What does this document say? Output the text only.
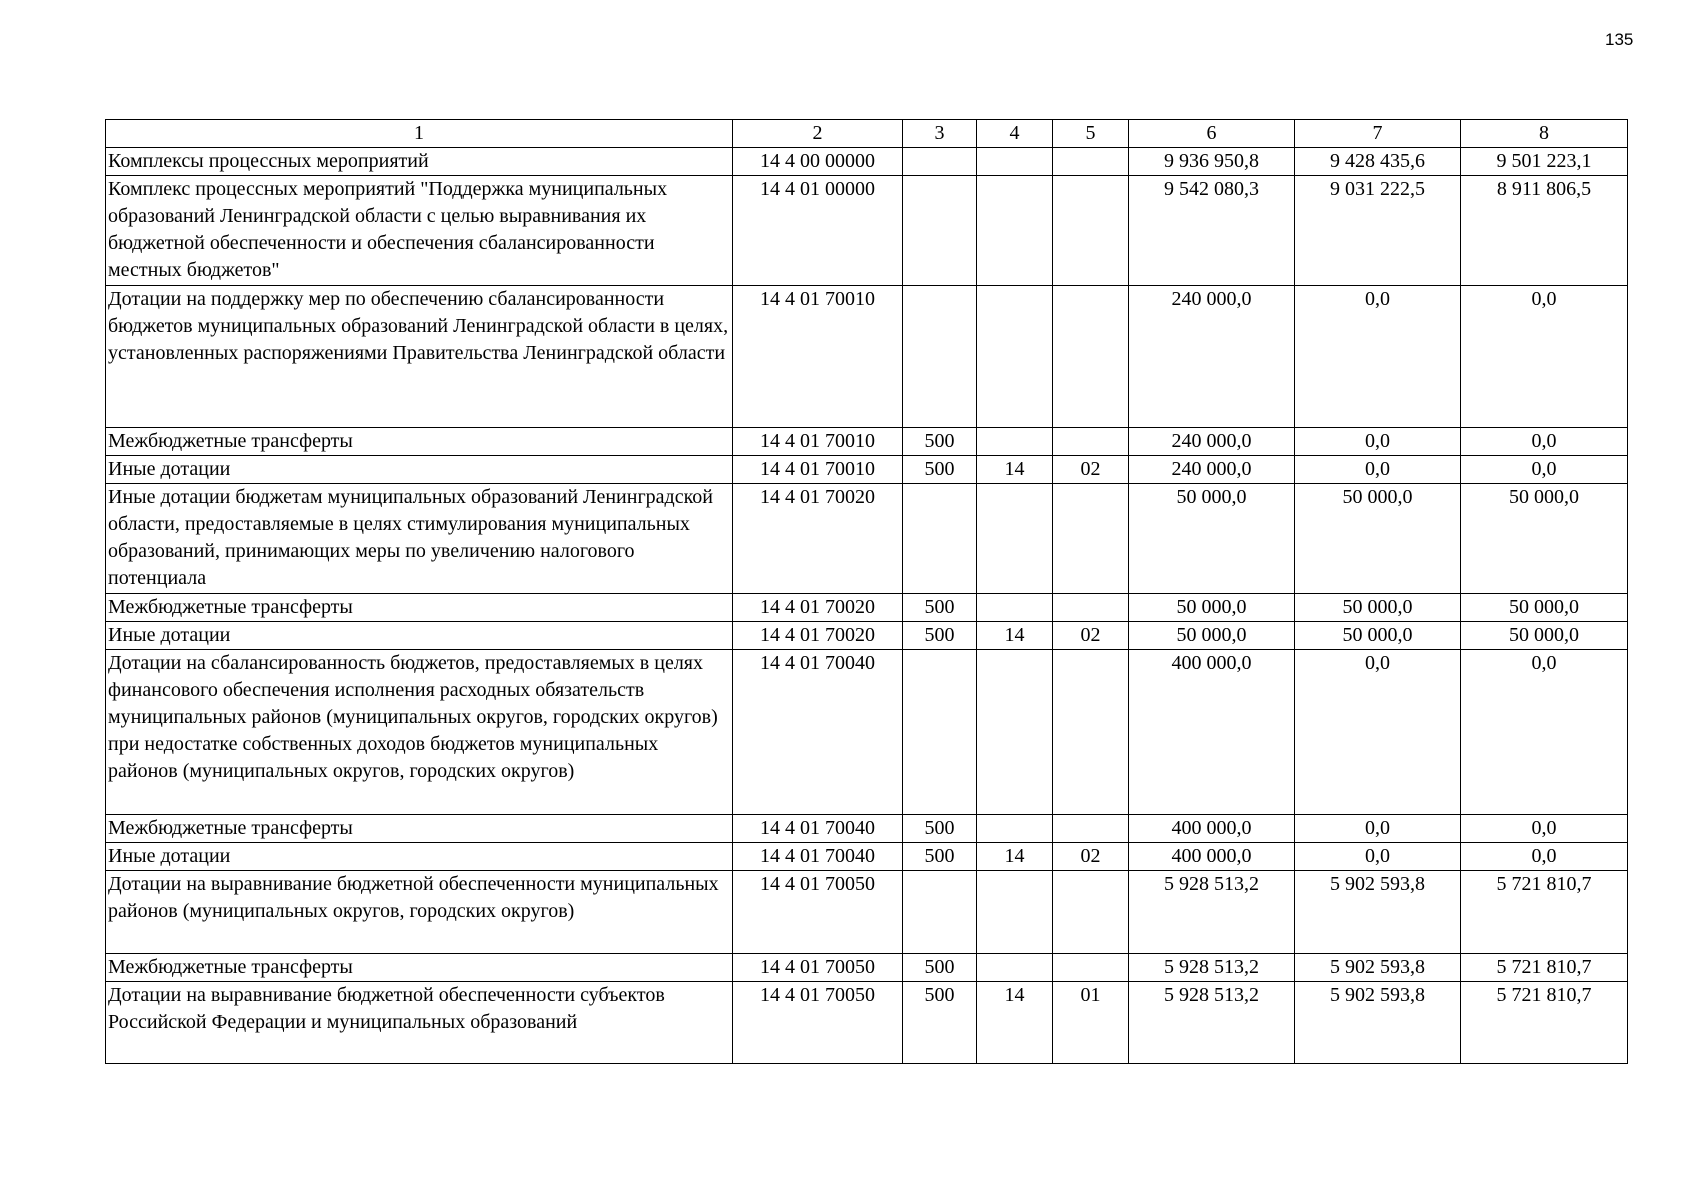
135
1	2	3	4	5	6	7	8
Комплексы процессных мероприятий	14 4 00 00000				9 936 950,8	9 428 435,6	9 501 223,1
Комплекс процессных мероприятий "Поддержка муниципальных образований Ленинградской области с целью выравнивания их бюджетной обеспеченности и обеспечения сбалансированности местных бюджетов"	14 4 01 00000				9 542 080,3	9 031 222,5	8 911 806,5
Дотации на поддержку мер по обеспечению сбалансированности бюджетов муниципальных образований Ленинградской области в целях, установленных распоряжениями Правительства Ленинградской области	14 4 01 70010				240 000,0	0,0	0,0
Межбюджетные трансферты	14 4 01 70010	500			240 000,0	0,0	0,0
Иные дотации	14 4 01 70010	500	14	02	240 000,0	0,0	0,0
Иные дотации бюджетам муниципальных образований Ленинградской области, предоставляемые в целях стимулирования муниципальных образований, принимающих меры по увеличению налогового потенциала	14 4 01 70020				50 000,0	50 000,0	50 000,0
Межбюджетные трансферты	14 4 01 70020	500			50 000,0	50 000,0	50 000,0
Иные дотации	14 4 01 70020	500	14	02	50 000,0	50 000,0	50 000,0
Дотации на сбалансированность бюджетов, предоставляемых в целях финансового обеспечения исполнения расходных обязательств муниципальных районов (муниципальных округов, городских округов) при недостатке собственных доходов бюджетов муниципальных районов (муниципальных округов, городских округов)	14 4 01 70040				400 000,0	0,0	0,0
Межбюджетные трансферты	14 4 01 70040	500			400 000,0	0,0	0,0
Иные дотации	14 4 01 70040	500	14	02	400 000,0	0,0	0,0
Дотации на выравнивание бюджетной обеспеченности муниципальных районов (муниципальных округов, городских округов)	14 4 01 70050				5 928 513,2	5 902 593,8	5 721 810,7
Межбюджетные трансферты	14 4 01 70050	500			5 928 513,2	5 902 593,8	5 721 810,7
Дотации на выравнивание бюджетной обеспеченности субъектов Российской Федерации и муниципальных образований	14 4 01 70050	500	14	01	5 928 513,2	5 902 593,8	5 721 810,7
